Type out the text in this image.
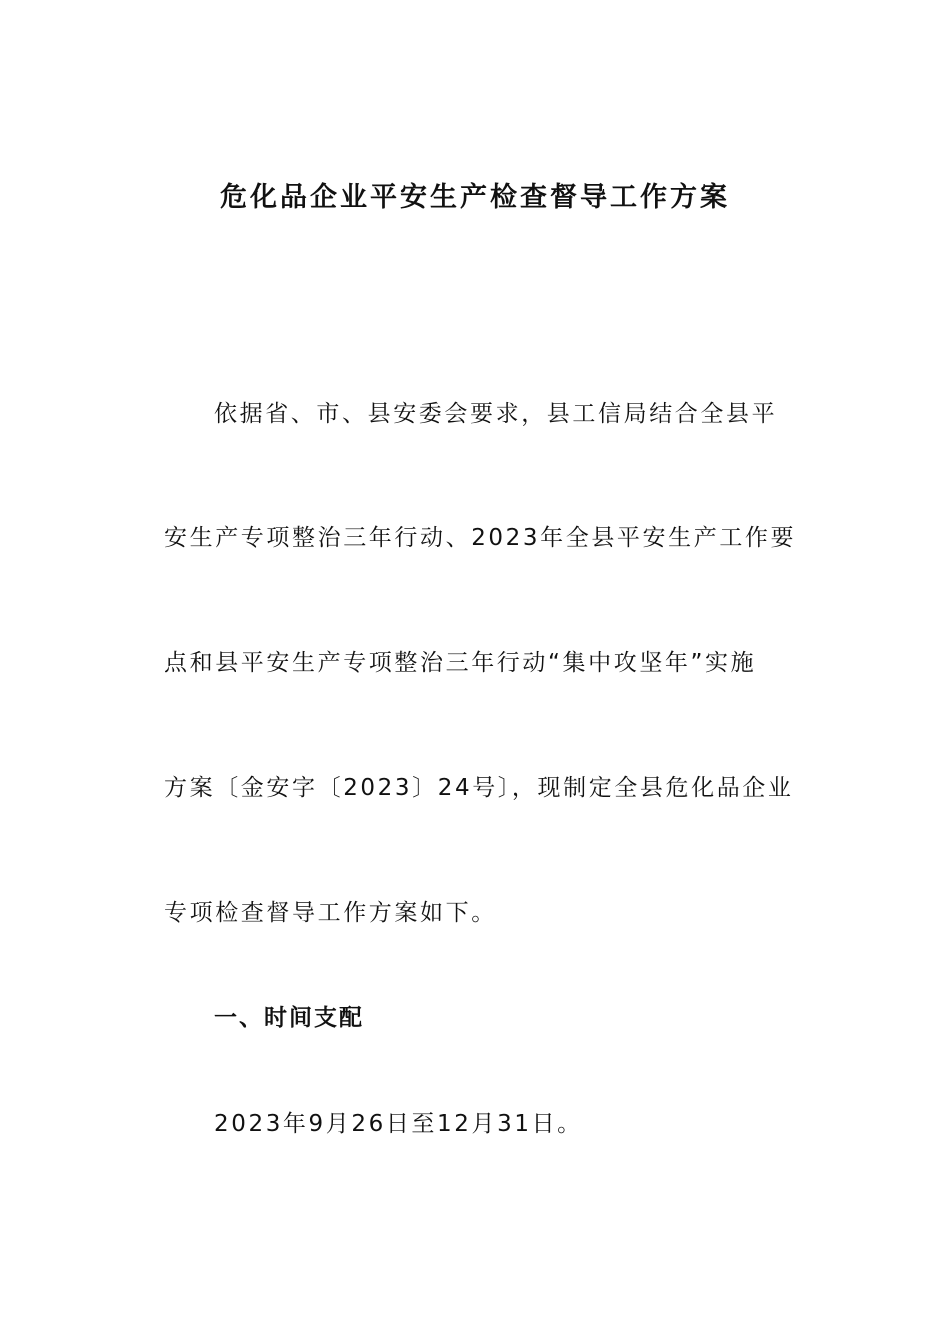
危化品企业平安生产检查督导工作方案
依据省、市、县安委会要求，县工信局结合全县平
安生产专项整治三年行动、2023年全县平安生产工作要
点和县平安生产专项整治三年行动“集中攻坚年”实施
方案〔金安字〔2023〕24号〕，现制定全县危化品企业
专项检查督导工作方案如下。
一、时间支配
2023年9月26日至12月31日。
